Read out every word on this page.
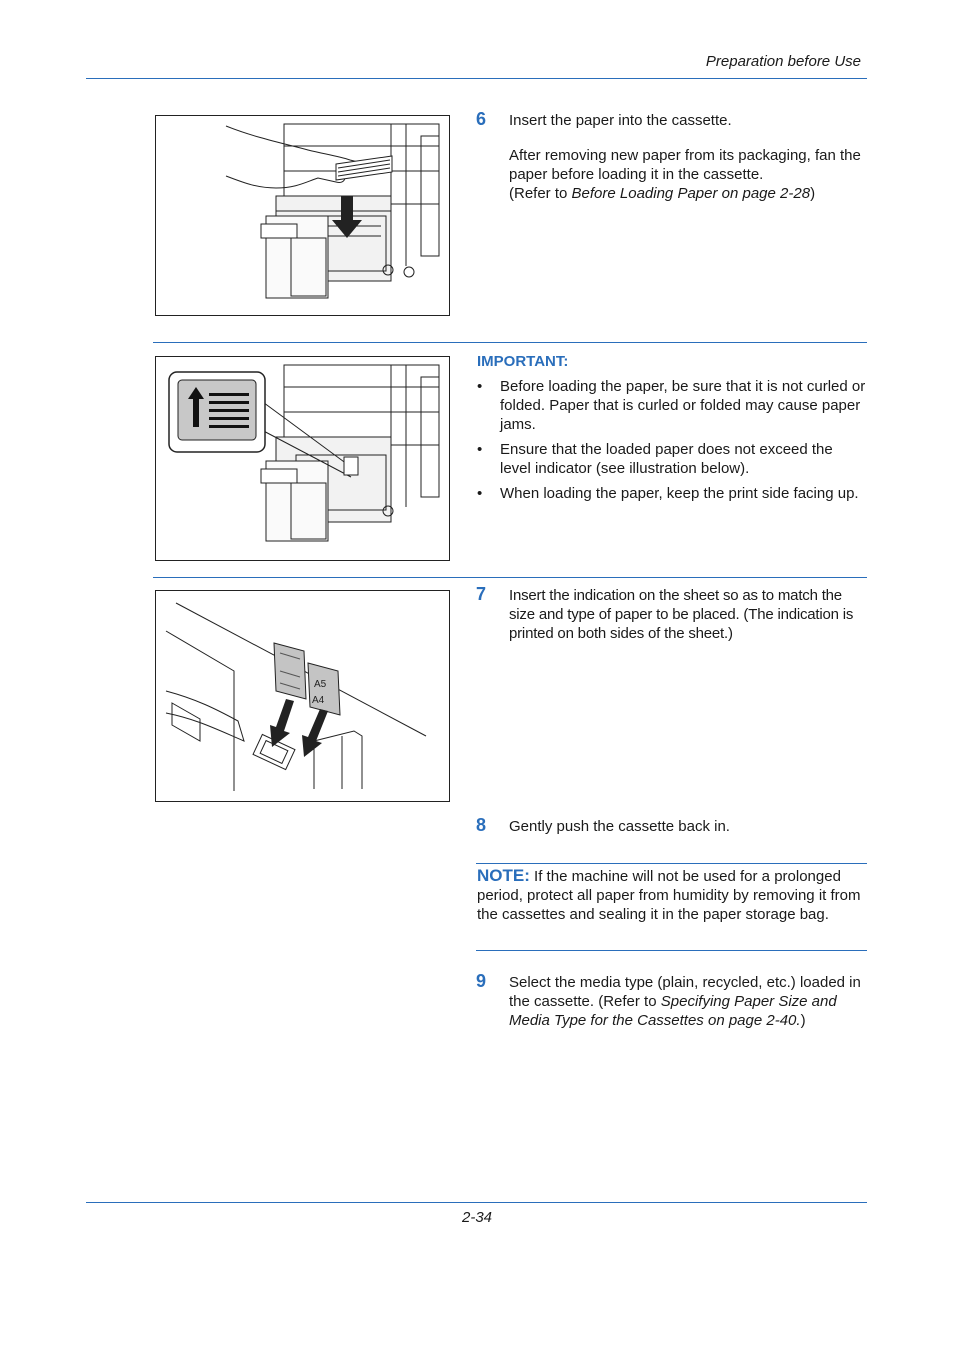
Preparation before Use
6 Insert the paper into the cassette.
After removing new paper from its packaging, fan the paper before loading it in the cassette.
(Refer to Before Loading Paper on page 2-28)
IMPORTANT:
• Before loading the paper, be sure that it is not curled or folded. Paper that is curled or folded may cause paper jams.
• Ensure that the loaded paper does not exceed the level indicator (see illustration below).
• When loading the paper, keep the print side facing up.
A5
A4
7 Insert the indication on the sheet so as to match the size and type of paper to be placed. (The indication is printed on both sides of the sheet.)
8 Gently push the cassette back in.
NOTE: If the machine will not be used for a prolonged period, protect all paper from humidity by removing it from the cassettes and sealing it in the paper storage bag.
9 Select the media type (plain, recycled, etc.) loaded in the cassette. (Refer to Specifying Paper Size and Media Type for the Cassettes on page 2-40.)
2-34
